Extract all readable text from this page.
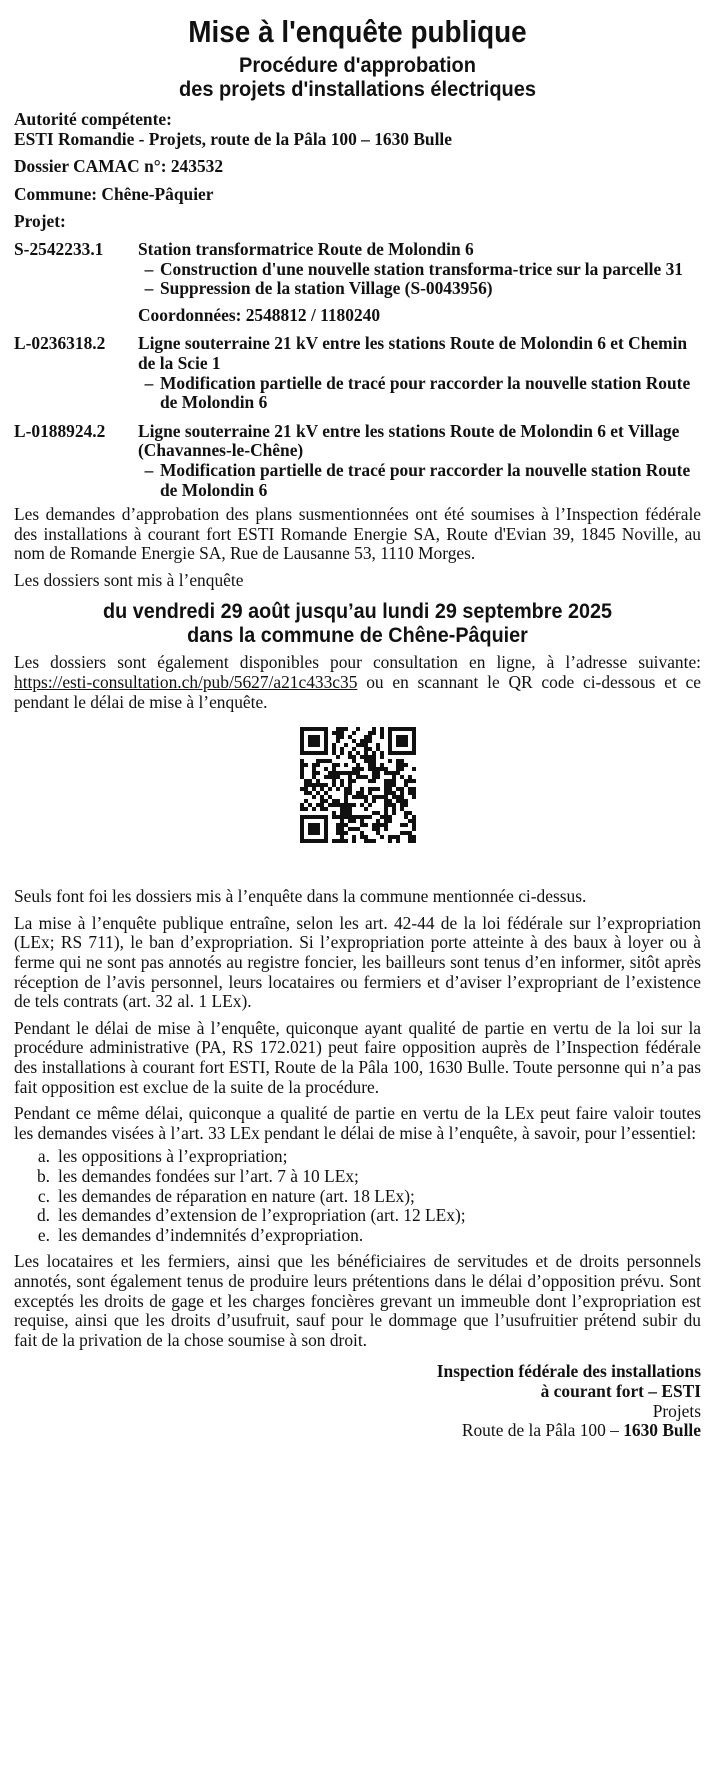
Mise à l'enquête publique
Procédure d'approbation
des projets d'installations électriques
Autorité compétente:
ESTI Romandie - Projets, route de la Pâla 100 – 1630 Bulle
Dossier CAMAC n°: 243532
Commune: Chêne-Pâquier
Projet:
S-2542233.1	Station transformatrice Route de Molondin 6
– Construction d'une nouvelle station transforma-trice sur la parcelle 31
– Suppression de la station Village (S-0043956)
Coordonnées: 2548812 / 1180240
L-0236318.2	Ligne souterraine 21 kV entre les stations Route de Molondin 6 et Chemin de la Scie 1
– Modification partielle de tracé pour raccorder la nouvelle station Route de Molondin 6
L-0188924.2	Ligne souterraine 21 kV entre les stations Route de Molondin 6 et Village (Chavannes-le-Chêne)
– Modification partielle de tracé pour raccorder la nouvelle station Route de Molondin 6

Les demandes d’approbation des plans susmentionnées ont été soumises à l’Inspection fédérale des installations à courant fort ESTI Romande Energie SA, Route d'Evian 39, 1845 Noville, au nom de Romande Energie SA, Rue de Lausanne 53, 1110 Morges.

Les dossiers sont mis à l’enquête

du vendredi 29 août jusqu’au lundi 29 septembre 2025
dans la commune de Chêne-Pâquier

Les dossiers sont également disponibles pour consultation en ligne, à l’adresse suivante: https://esti-consultation.ch/pub/5627/a21c433c35 ou en scannant le QR code ci-dessous et ce pendant le délai de mise à l’enquête.

Seuls font foi les dossiers mis à l’enquête dans la commune mentionnée ci-dessus.

La mise à l’enquête publique entraîne, selon les art. 42-44 de la loi fédérale sur l’expropriation (LEx; RS 711), le ban d’expropriation. Si l’expropriation porte atteinte à des baux à loyer ou à ferme qui ne sont pas annotés au registre foncier, les bailleurs sont tenus d’en informer, sitôt après réception de l’avis personnel, leurs locataires ou fermiers et d’aviser l’expropriant de l’existence de tels contrats (art. 32 al. 1 LEx).

Pendant le délai de mise à l’enquête, quiconque ayant qualité de partie en vertu de la loi sur la procédure administrative (PA, RS 172.021) peut faire opposition auprès de l’Inspection fédérale des installations à courant fort ESTI, Route de la Pâla 100, 1630 Bulle. Toute personne qui n’a pas fait opposition est exclue de la suite de la procédure.

Pendant ce même délai, quiconque a qualité de partie en vertu de la LEx peut faire valoir toutes les demandes visées à l’art. 33 LEx pendant le délai de mise à l’enquête, à savoir, pour l’essentiel:

a. les oppositions à l’expropriation;
b. les demandes fondées sur l’art. 7 à 10 LEx;
c. les demandes de réparation en nature (art. 18 LEx);
d. les demandes d’extension de l’expropriation (art. 12 LEx);
e. les demandes d’indemnités d’expropriation.

Les locataires et les fermiers, ainsi que les bénéficiaires de servitudes et de droits personnels annotés, sont également tenus de produire leurs prétentions dans le délai d’opposition prévu. Sont exceptés les droits de gage et les charges foncières grevant un immeuble dont l’expropriation est requise, ainsi que les droits d’usufruit, sauf pour le dommage que l’usufruitier prétend subir du fait de la privation de la chose soumise à son droit.

Inspection fédérale des installations
à courant fort – ESTI
Projets
Route de la Pâla 100 – 1630 Bulle
